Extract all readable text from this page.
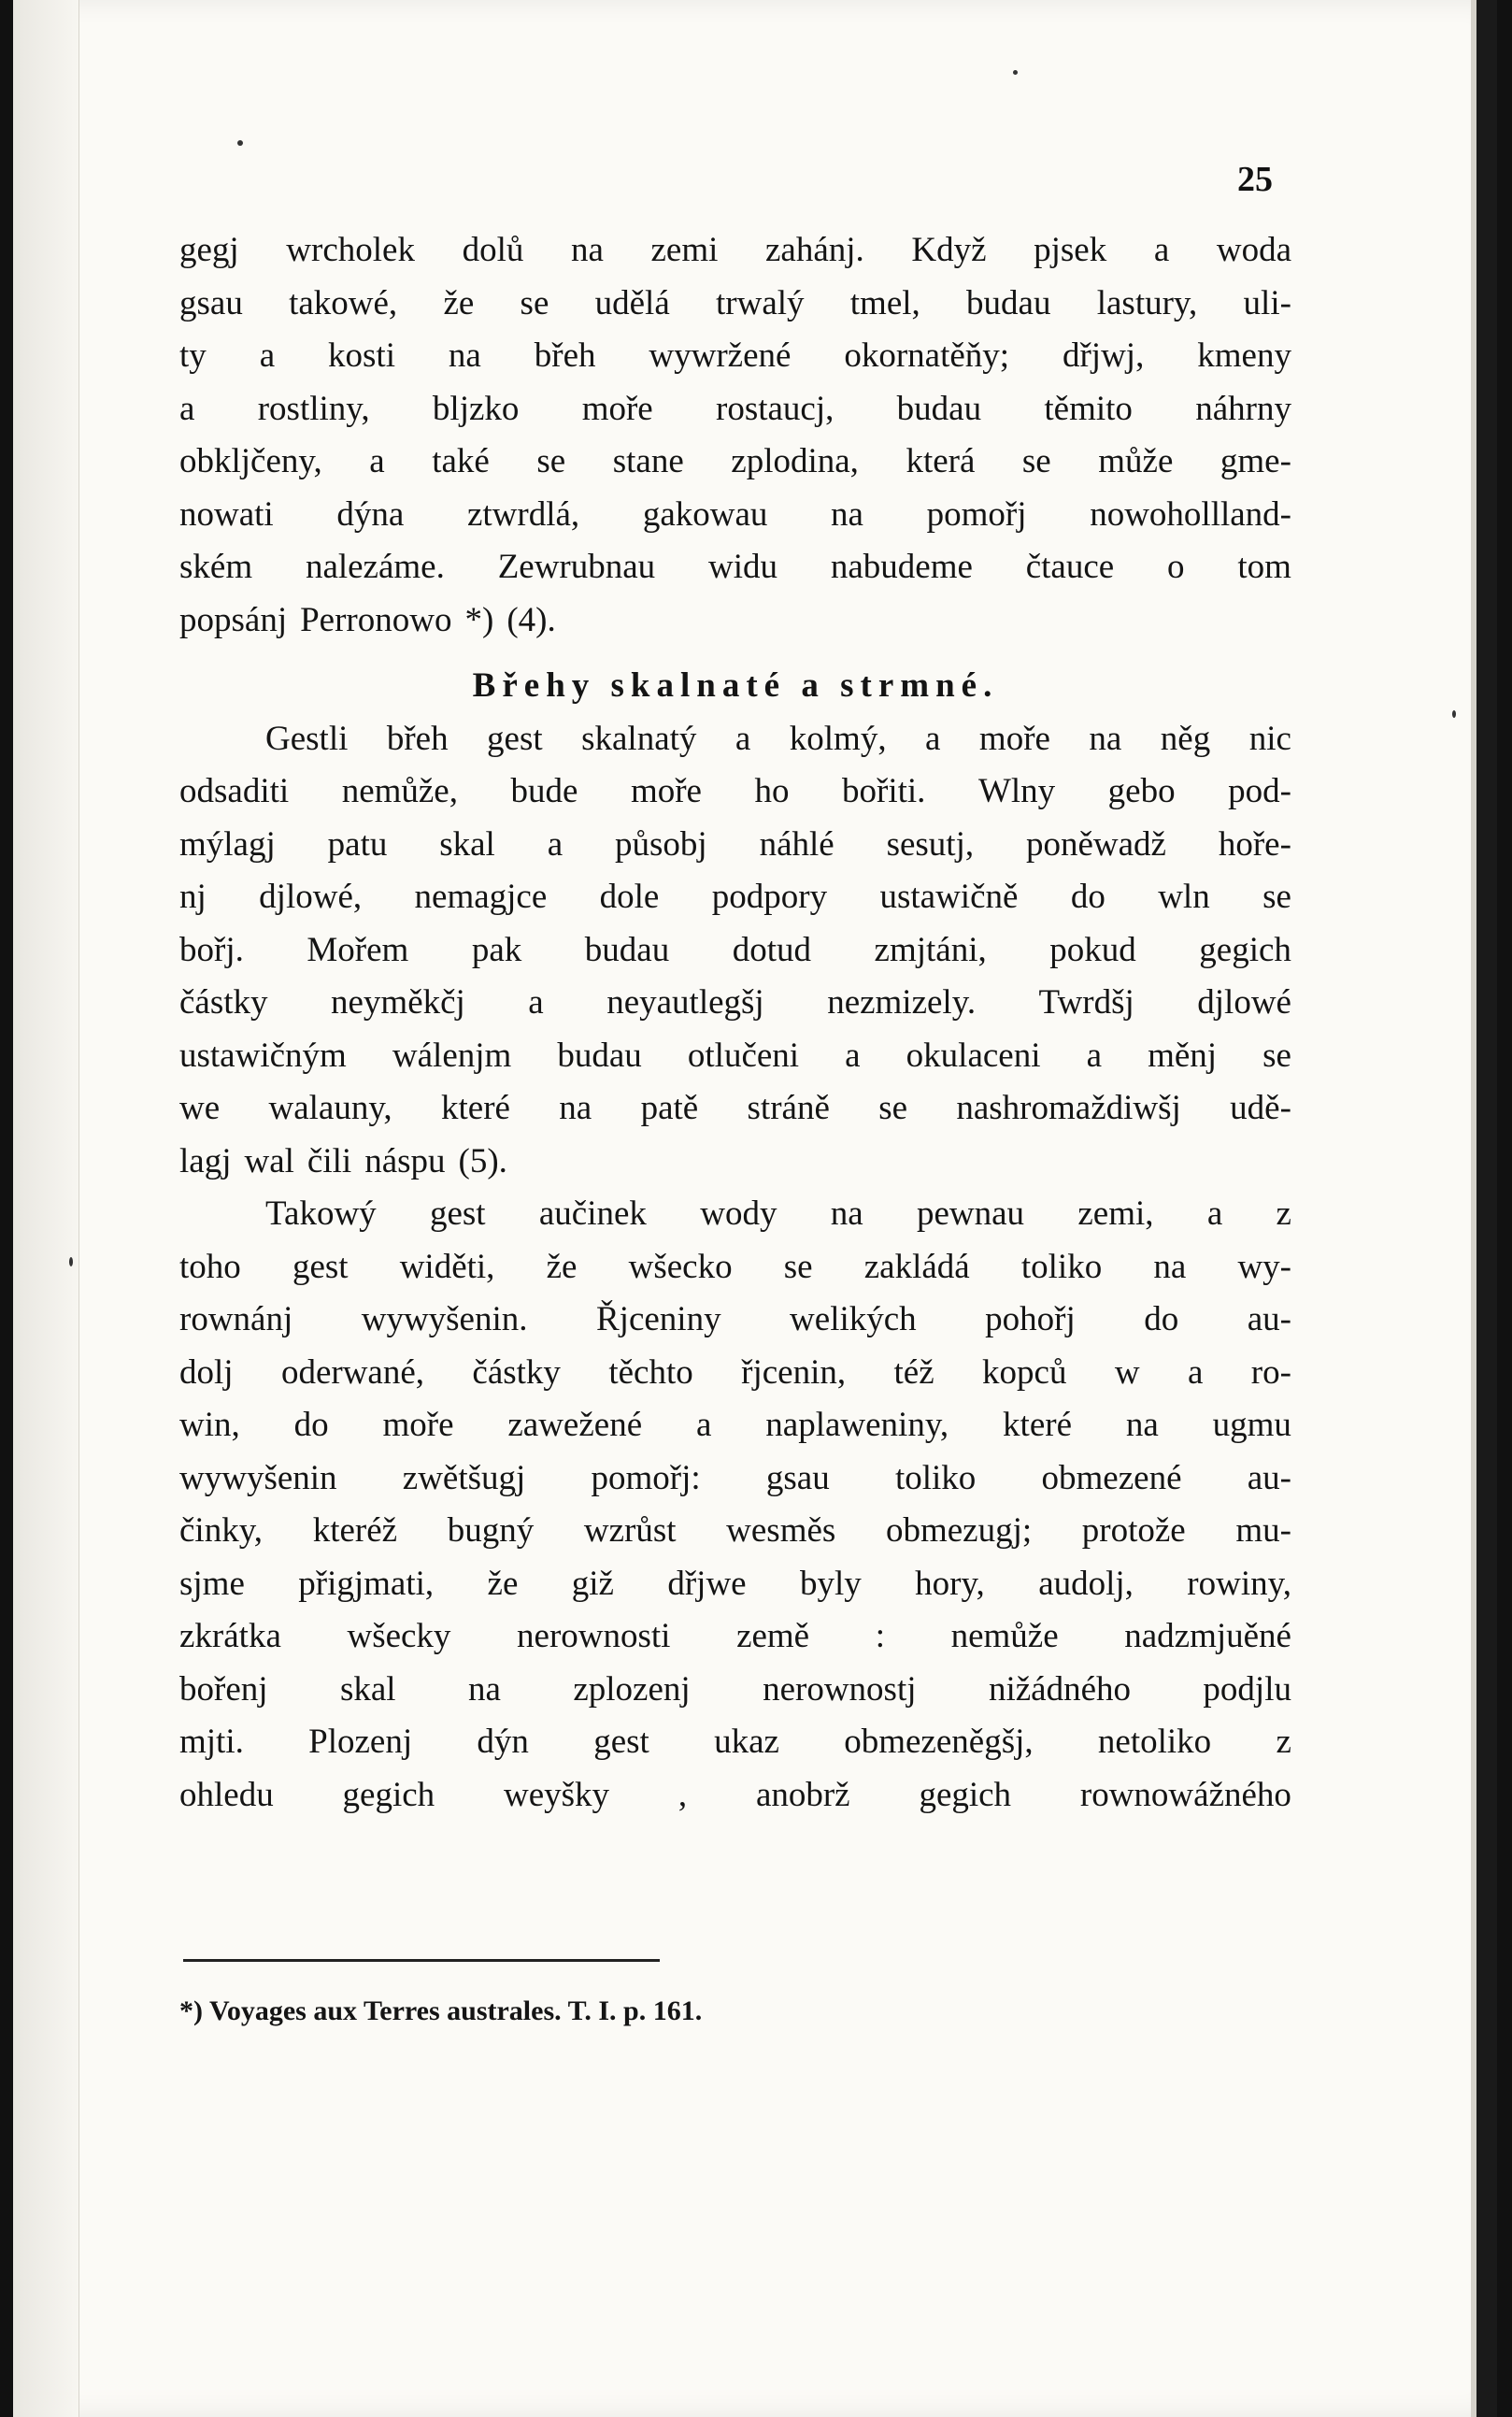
25
gegj wrcholek dolů na zemi zahánj. Když pjsek a woda
gsau takowé, že se udělá trwalý tmel, budau lastury, uli-
ty a kosti na břeh wywržené okornatěňy; dřjwj, kmeny
a rostliny, bljzko moře rostaucj, budau těmito náhrny
obkljčeny, a také se stane zplodina, která se může gme-
nowati dýna ztwrdlá, gakowau na pomořj nowohollland-
ském nalezáme. Zewrubnau widu nabudeme čtauce o tom
popsánj Perronowo *) (4).
Břehy skalnaté a strmné.
Gestli břeh gest skalnatý a kolmý, a moře na něg nic
odsaditi nemůže, bude moře ho bořiti. Wlny gebo pod-
mýlagj patu skal a působj náhlé sesutj, poněwadž hoře-
nj djlowé, nemagjce dole podpory ustawičně do wln se
bořj. Mořem pak budau dotud zmjtáni, pokud gegich
částky neyměkčj a neyautlegšj nezmizely. Twrdšj djlowé
ustawičným wálenjm budau otlučeni a okulaceni a měnj se
we walauny, které na patě stráně se nashromaždiwšj udě-
lagj wal čili náspu (5).
Takowý gest aučinek wody na pewnau zemi, a z
toho gest widěti, že wšecko se zakládá toliko na wy-
rownánj wywyšenin. Řjceniny welikých pohořj do au-
dolj oderwané, částky těchto řjcenin, též kopců w a ro-
win, do moře zawežené a naplaweniny, které na ugmu
wywyšenin zwětšugj pomořj: gsau toliko obmezené au-
činky, kteréž bugný wzrůst wesměs obmezugj; protože mu-
sjme přigjmati, že giž dřjwe byly hory, audolj, rowiny,
zkrátka wšecky nerownosti země : nemůže nadzmjuěné
bořenj skal na zplozenj nerownostj nižádného podjlu
mjti. Plozenj dýn gest ukaz obmezeněgšj, netoliko z
ohledu gegich weyšky , anobrž gegich rownowážného
*) Voyages aux Terres australes. T. I. p. 161.
